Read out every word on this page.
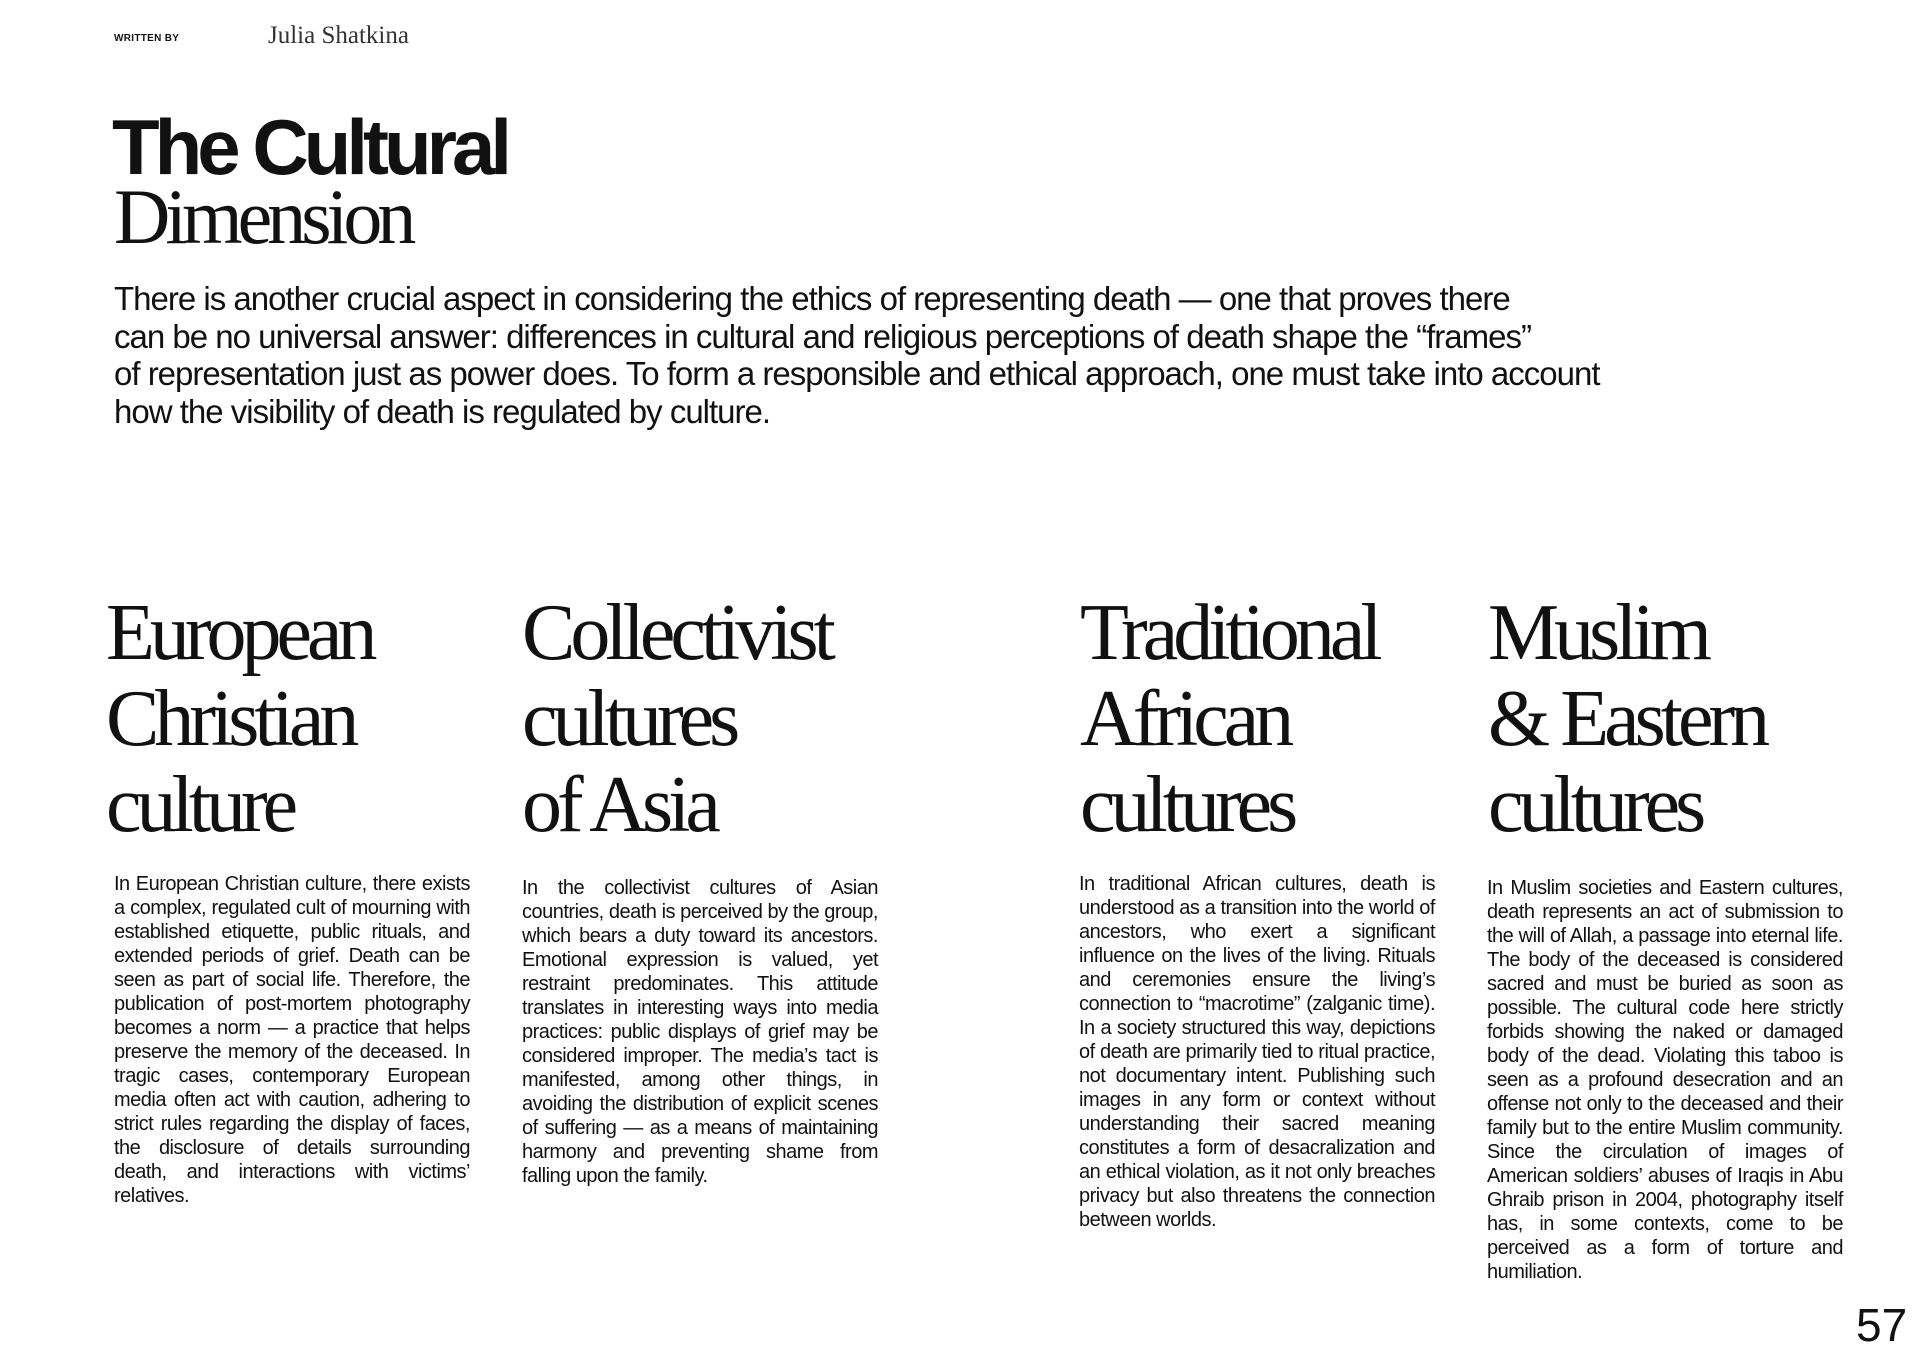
WRITTEN BY	Julia Shatkina
The Cultural
Dimension
There is another crucial aspect in considering the ethics of representing death — one that proves there
can be no universal answer: differences in cultural and religious perceptions of death shape the “frames”
of representation just as power does. To form a responsible and ethical approach, one must take into account
how the visibility of death is regulated by culture.
European
Christian
culture
In European Christian culture, there exists a complex, regulated cult of mourning with established etiquette, public rituals, and extended periods of grief. Death can be seen as part of social life. Therefore, the publication of post-mortem photography becomes a norm — a practice that helps preserve the memory of the deceased. In tragic cases, contemporary European media often act with caution, adhering to strict rules regarding the display of faces, the disclosure of details surrounding death, and interactions with victims’ relatives.
Collectivist
cultures
of Asia
In the collectivist cultures of Asian countries, death is perceived by the group, which bears a duty toward its ancestors. Emotional expression is valued, yet restraint predominates. This attitude translates in interesting ways into media practices: public displays of grief may be considered improper. The media’s tact is manifested, among other things, in avoiding the distribution of explicit scenes of suffering — as a means of maintaining harmony and preventing shame from falling upon the family.
Traditional
African
cultures
In traditional African cultures, death is understood as a transition into the world of ancestors, who exert a significant influence on the lives of the living. Rituals and ceremonies ensure the living’s connection to “macrotime” (zalganic time). In a society structured this way, depictions of death are primarily tied to ritual practice, not documentary intent. Publishing such images in any form or context without understanding their sacred meaning constitutes a form of desacralization and an ethical violation, as it not only breaches privacy but also threatens the connection between worlds.
Muslim
& Eastern
cultures
In Muslim societies and Eastern cultures, death represents an act of submission to the will of Allah, a passage into eternal life. The body of the deceased is considered sacred and must be buried as soon as possible. The cultural code here strictly forbids showing the naked or damaged body of the dead. Violating this taboo is seen as a profound desecration and an offense not only to the deceased and their family but to the entire Muslim community. Since the circulation of images of American soldiers’ abuses of Iraqis in Abu Ghraib prison in 2004, photography itself has, in some contexts, come to be perceived as a form of torture and humiliation.
57
